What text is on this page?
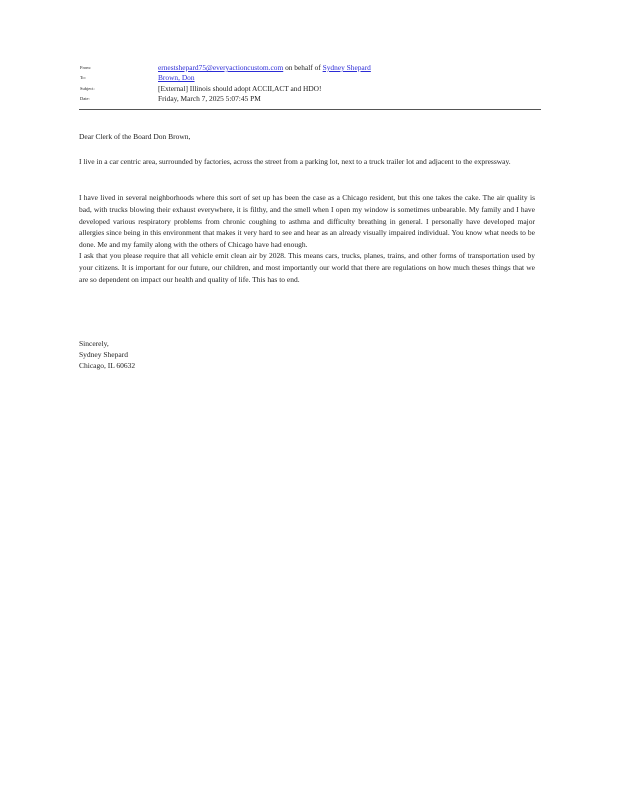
From:	ernestshepard75@everyactioncustom.com on behalf of Sydney Shepard
To:	Brown, Don
Subject:	[External] Illinois should adopt ACCII,ACT and HDO!
Date:	Friday, March 7, 2025 5:07:45 PM

Dear Clerk of the Board Don Brown,

I live in a car centric area, surrounded by factories, across the street from a parking lot, next to a truck trailer lot and adjacent to the expressway.

I have lived in several neighborhoods where this sort of set up has been the case as a Chicago resident, but this one takes the cake. The air quality is bad, with trucks blowing their exhaust everywhere, it is filthy, and the smell when I open my window is sometimes unbearable. My family and I have developed various respiratory problems from chronic coughing to asthma and difficulty breathing in general. I personally have developed major allergies since being in this environment that makes it very hard to see and hear as an already visually impaired individual. You know what needs to be done. Me and my family along with the others of Chicago have had enough.

I ask that you please require that all vehicle emit clean air by 2028. This means cars, trucks, planes, trains, and other forms of transportation used by your citizens. It is important for our future, our children, and most importantly our world that there are regulations on how much theses things that we are so dependent on impact our health and quality of life. This has to end.

Sincerely,

Sydney Shepard

Chicago, IL 60632
